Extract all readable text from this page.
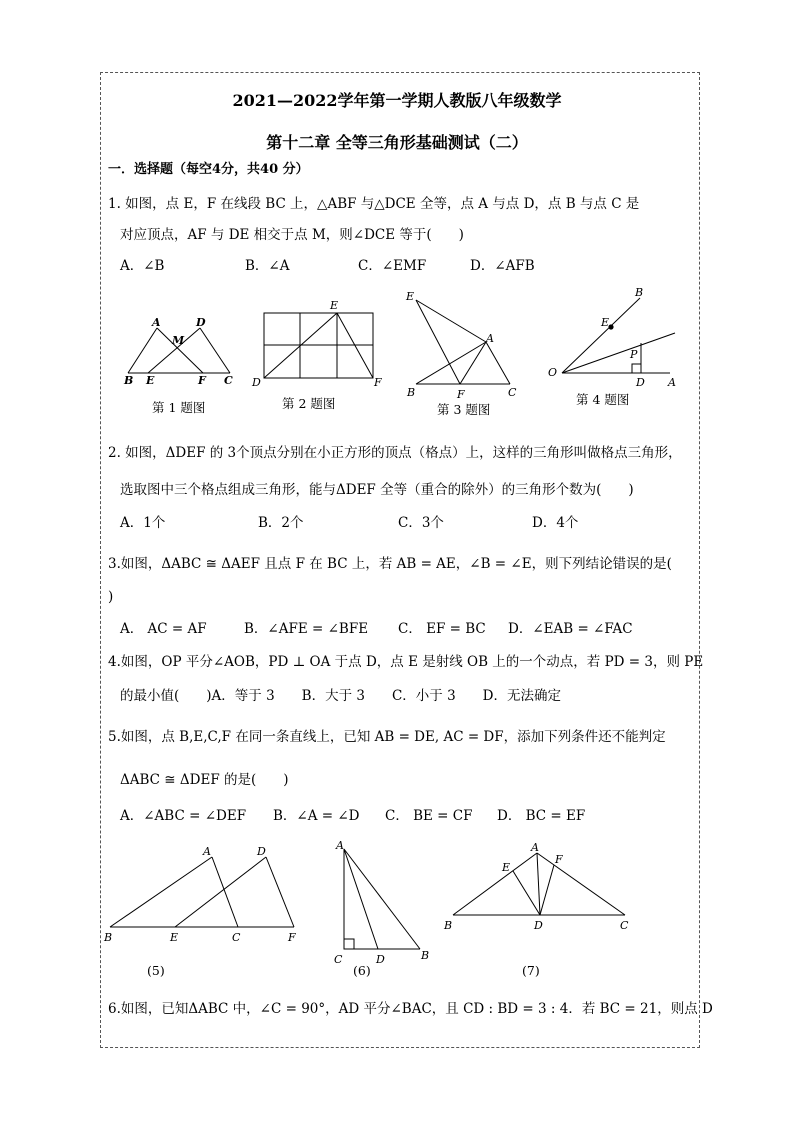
2021—2022学年第一学期人教版八年级数学
第十二章 全等三角形基础测试（二）
一．选择题（每空4分，共40 分）
1. 如图，点 E，F 在线段 BC 上，△ABF 与△DCE 全等，点 A 与点 D，点 B 与点 C 是
对应顶点，AF 与 DE 相交于点 M，则∠DCE 等于(　　)
A．∠B	B．∠A	C．∠EMF	D．∠AFB
A	D
M
B E	F C
第 1 题图
E
D	F
第 2 题图
E
A
B	F	C
第 3 题图
B
E
P
O
D A
第 4 题图
2. 如图，ΔDEF 的 3个顶点分别在小正方形的顶点（格点）上，这样的三角形叫做格点三角形，
选取图中三个格点组成三角形，能与ΔDEF 全等（重合的除外）的三角形个数为(　　)
A．1个	B．2个	C．3个	D．4个
3.如图，ΔABC ≅ ΔAEF 且点 F 在 BC 上，若 AB = AE，∠B = ∠E，则下列结论错误的是(
)
A． AC = AF	B．∠AFE = ∠BFE C． EF = BC D．∠EAB = ∠FAC
4.如图，OP 平分∠AOB，PD ⊥ OA 于点 D，点 E 是射线 OB 上的一个动点，若 PD = 3，则 PE
的最小值(　　)A．等于 3　　B．大于 3　　C．小于 3　　D．无法确定
5.如图，点 B,E,C,F 在同一条直线上，已知 AB = DE, AC = DF，添加下列条件还不能判定
ΔABC ≅ ΔDEF 的是(　　)
A．∠ABC = ∠DEF B．∠A = ∠D C． BE = CF D． BC = EF
A	D
B	E	C	F
(5)
A
C	D	B
(6)
A
E
F
B	D	C
(7)
6.如图，已知ΔABC 中，∠C = 90°，AD 平分∠BAC，且 CD : BD = 3 : 4．若 BC = 21，则点 D
